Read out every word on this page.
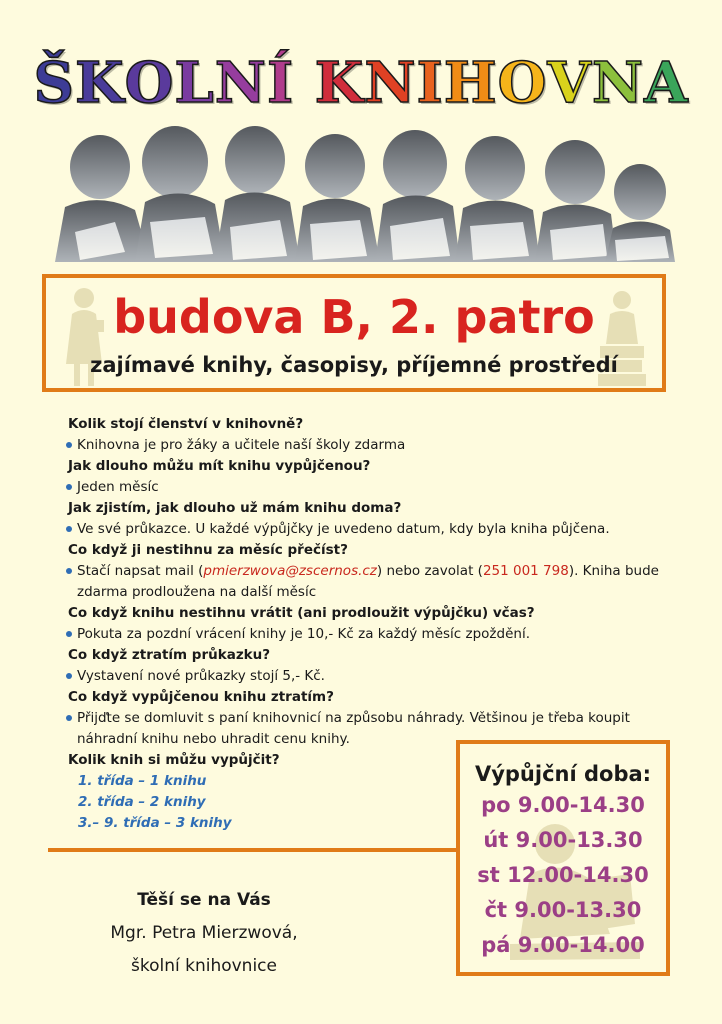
ŠKOLNÍ KNIHOVNA
budova B, 2. patro
zajímavé knihy, časopisy, příjemné prostředí
Kolik stojí členství v knihovně?
Knihovna je pro žáky a učitele naší školy zdarma
Jak dlouho můžu mít knihu vypůjčenou?
Jeden měsíc
Jak zjistím, jak dlouho už mám knihu doma?
Ve své průkazce. U každé výpůjčky je uvedeno datum, kdy byla kniha půjčena.
Co když ji nestihnu za měsíc přečíst?
Stačí napsat mail (pmierzwova@zscernos.cz) nebo zavolat (251 001 798). Kniha bude zdarma prodloužena na další měsíc
Co když knihu nestihnu vrátit (ani prodloužit výpůjčku) včas?
Pokuta za pozdní vrácení knihy je 10,- Kč za každý měsíc zpoždění.
Co když ztratím průkazku?
Vystavení nové průkazky stojí 5,- Kč.
Co když vypůjčenou knihu ztratím?
Přijďte se domluvit s paní knihovnicí na způsobu náhrady. Většinou je třeba koupit náhradní knihu nebo uhradit cenu knihy.
Kolik knih si můžu vypůjčit?
1. třída – 1 knihu
2. třída – 2 knihy
3.– 9. třída – 3 knihy
Výpůjční doba:
po 9.00-14.30
út 9.00-13.30
st 12.00-14.30
čt 9.00-13.30
pá 9.00-14.00
Těší se na Vás
Mgr. Petra Mierzwová,
školní knihovnice
